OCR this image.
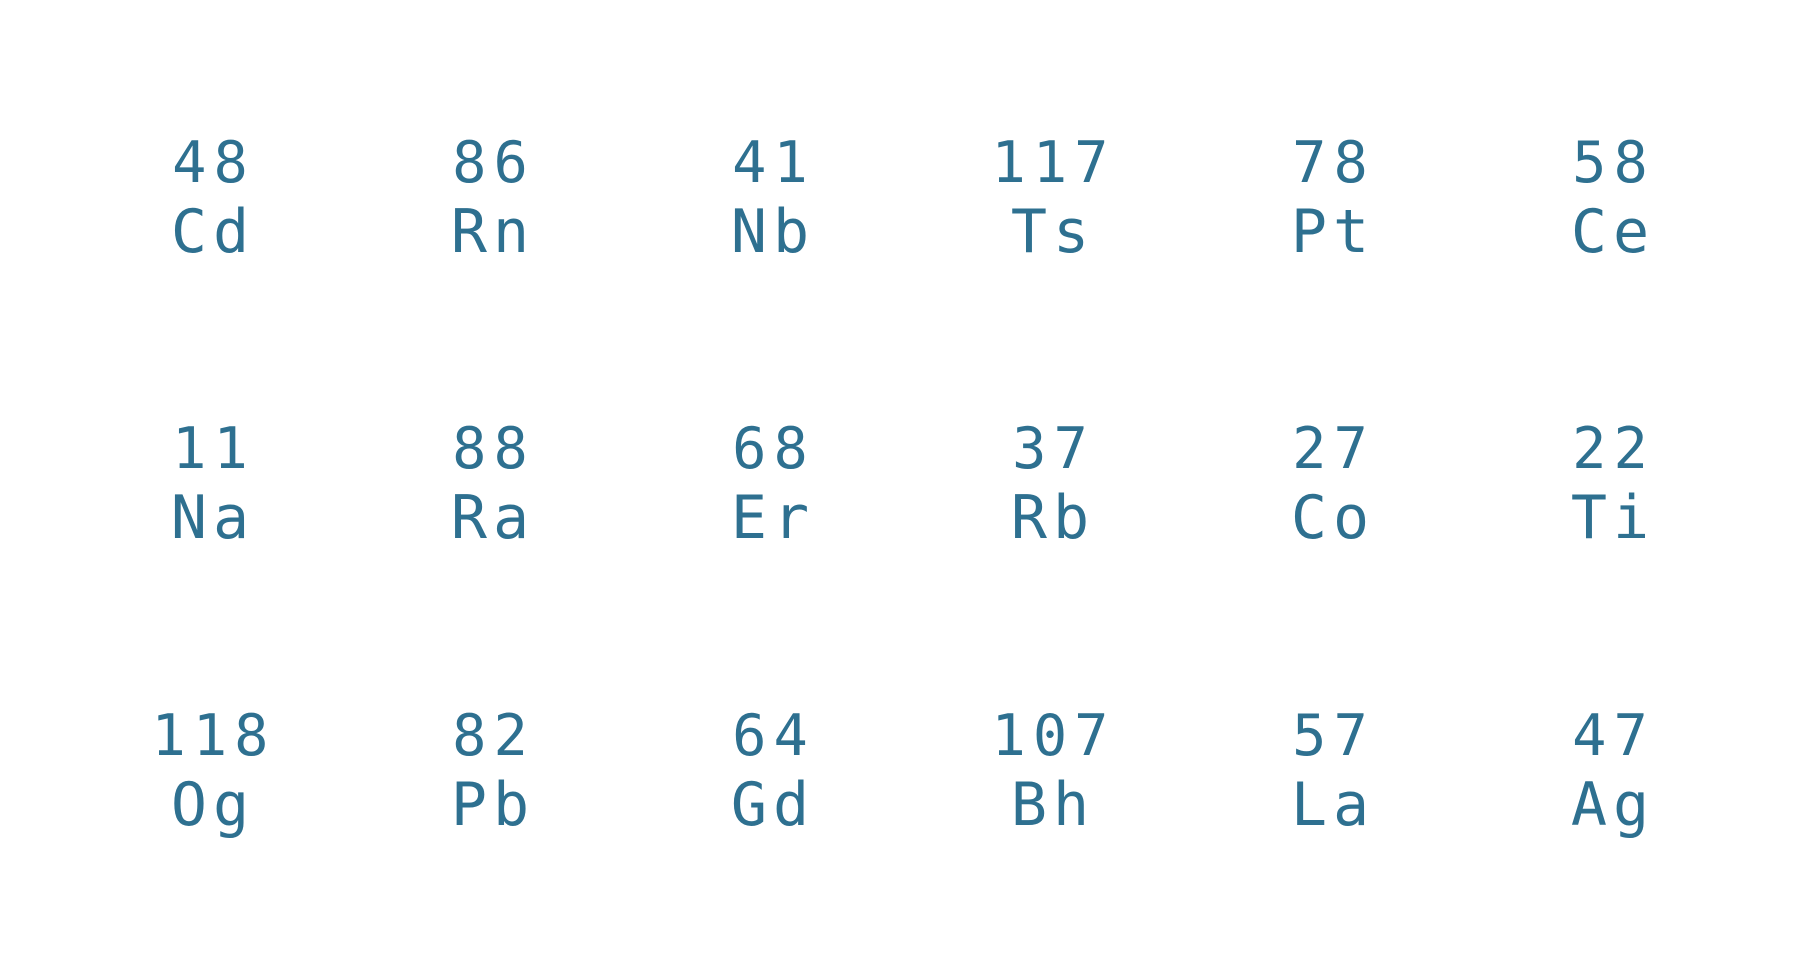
48
Cd
86
Rn
41
Nb
117
Ts
78
Pt
58
Ce
11
Na
88
Ra
68
Er
37
Rb
27
Co
22
Ti
118
Og
82
Pb
64
Gd
107
Bh
57
La
47
Ag
